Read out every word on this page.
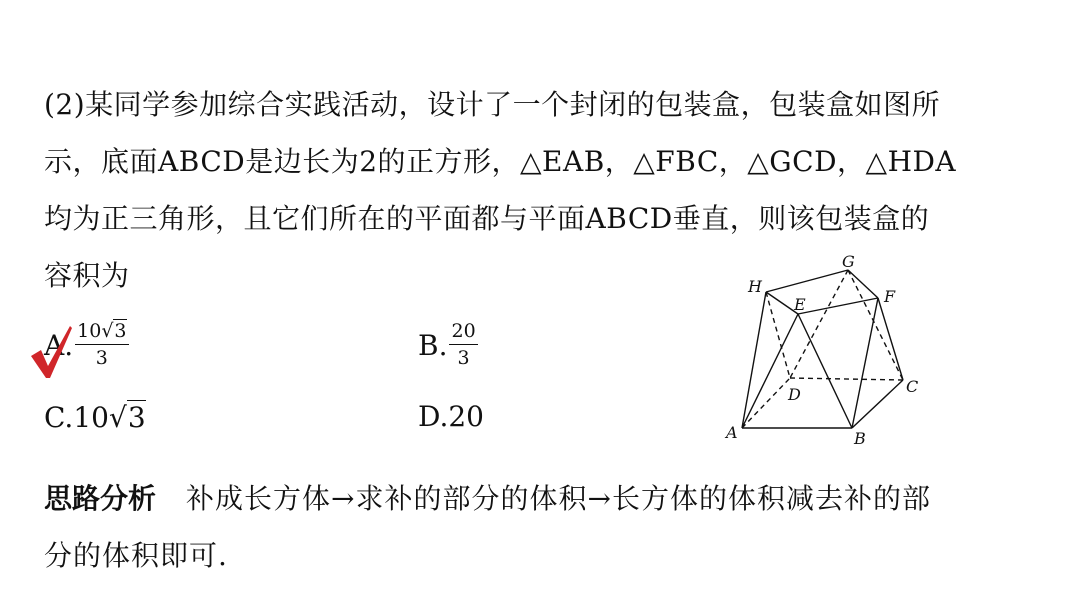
(2)某同学参加综合实践活动，设计了一个封闭的包装盒，包装盒如图所
示，底面ABCD是边长为2的正方形，△EAB，△FBC，△GCD，△HDA
均为正三角形，且它们所在的平面都与平面ABCD垂直，则该包装盒的
容积为
A. $\frac{10√3}{3}$	B. $\frac{20}{3}$
C.10 √ 3	D.20	A	B
C
D
E	F
G
H
思路分析 补成长方体→求补的部分的体积→长方体的体积减去补的部
分的体积即可.
